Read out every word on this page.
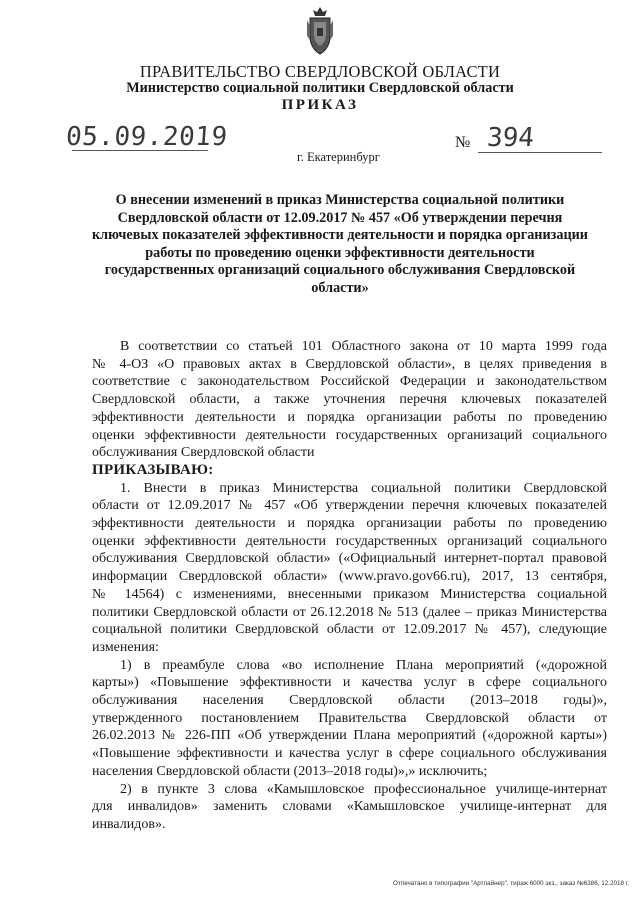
ПРАВИТЕЛЬСТВО СВЕРДЛОВСКОЙ ОБЛАСТИ
Министерство социальной политики Свердловской области
ПРИКАЗ
05.09.2019
г. Екатеринбург
№ 394
О внесении изменений в приказ Министерства социальной политики
Свердловской области от 12.09.2017 № 457 «Об утверждении перечня
ключевых показателей эффективности деятельности и порядка организации
работы по проведению оценки эффективности деятельности
государственных организаций социального обслуживания Свердловской
области»
В соответствии со статьей 101 Областного закона от 10 марта 1999 года
№ 4-ОЗ «О правовых актах в Свердловской области», в целях приведения в
соответствие с законодательством Российской Федерации и законодательством
Свердловской области, а также уточнения перечня ключевых показателей
эффективности деятельности и порядка организации работы по проведению
оценки эффективности деятельности государственных организаций социального
обслуживания Свердловской области
ПРИКАЗЫВАЮ:
1. Внести в приказ Министерства социальной политики Свердловской
области от 12.09.2017 № 457 «Об утверждении перечня ключевых показателей
эффективности деятельности и порядка организации работы по проведению
оценки эффективности деятельности государственных организаций социального
обслуживания Свердловской области» («Официальный интернет-портал правовой
информации Свердловской области» (www.pravo.gov66.ru), 2017, 13 сентября,
№ 14564) с изменениями, внесенными приказом Министерства социальной
политики Свердловской области от 26.12.2018 № 513 (далее – приказ Министерства
социальной политики Свердловской области от 12.09.2017 № 457), следующие
изменения:
1) в преамбуле слова «во исполнение Плана мероприятий («дорожной
карты») «Повышение эффективности и качества услуг в сфере социального
обслуживания населения Свердловской области (2013–2018 годы)»,
утвержденного постановлением Правительства Свердловской области от
26.02.2013 № 226-ПП «Об утверждении Плана мероприятий («дорожной карты»)
«Повышение эффективности и качества услуг в сфере социального обслуживания
населения Свердловской области (2013–2018 годы)»,» исключить;
2) в пункте 3 слова «Камышловское профессиональное училище-интернат
для инвалидов» заменить словами «Камышловское училище-интернат для
инвалидов».
Отпечатано в типографии "Артлайнер", тираж 6000 экз., заказ №6386, 12.2018 г.
